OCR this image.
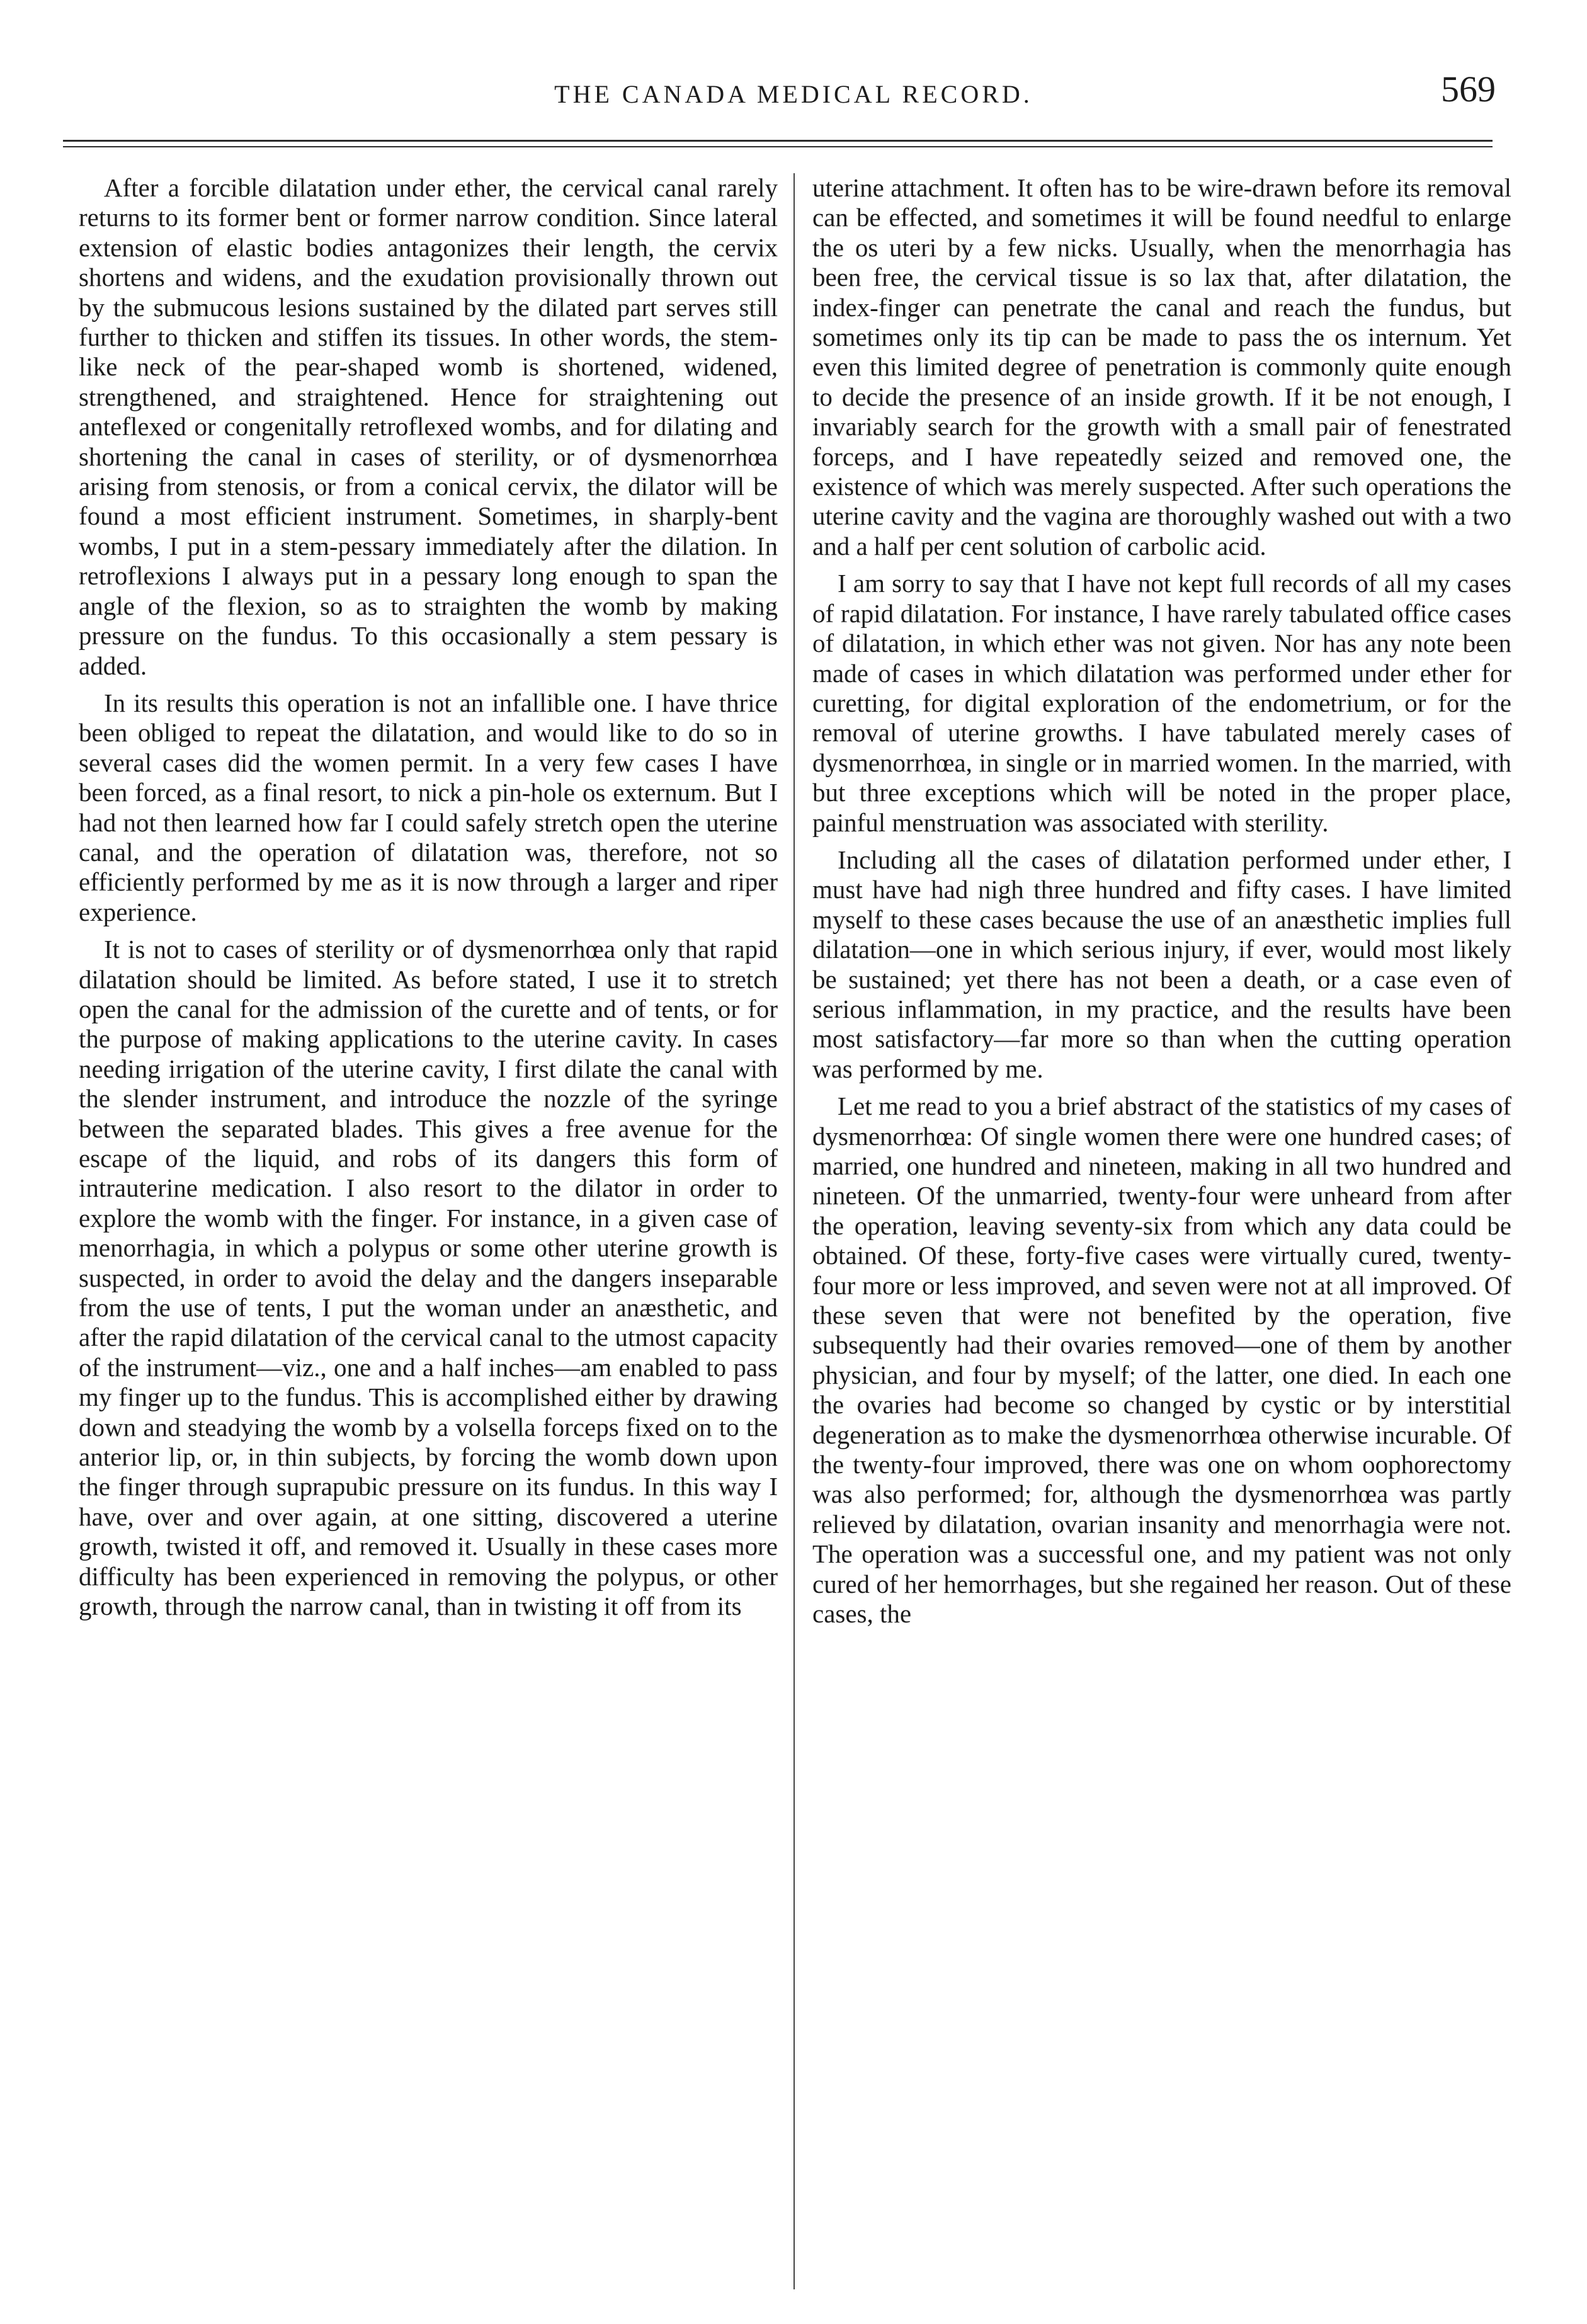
THE CANADA MEDICAL RECORD.	569

After a forcible dilatation under ether, the cervical canal rarely returns to its former bent or former narrow condition. Since lateral extension of elastic bodies antagonizes their length, the cervix shortens and widens, and the exudation provisionally thrown out by the submucous lesions sustained by the dilated part serves still further to thicken and stiffen its tissues. In other words, the stem-like neck of the pear-shaped womb is shortened, widened, strengthened, and straightened. Hence for straightening out anteflexed or congenitally retroflexed wombs, and for dilating and shortening the canal in cases of sterility, or of dysmenorrhœa arising from stenosis, or from a conical cervix, the dilator will be found a most efficient instrument. Sometimes, in sharply-bent wombs, I put in a stem-pessary immediately after the dilation. In retroflexions I always put in a pessary long enough to span the angle of the flexion, so as to straighten the womb by making pressure on the fundus. To this occasionally a stem pessary is added.

In its results this operation is not an infallible one. I have thrice been obliged to repeat the dilatation, and would like to do so in several cases did the women permit. In a very few cases I have been forced, as a final resort, to nick a pin-hole os externum. But I had not then learned how far I could safely stretch open the uterine canal, and the operation of dilatation was, therefore, not so efficiently performed by me as it is now through a larger and riper experience.

It is not to cases of sterility or of dysmenorrhœa only that rapid dilatation should be limited. As before stated, I use it to stretch open the canal for the admission of the curette and of tents, or for the purpose of making applications to the uterine cavity. In cases needing irrigation of the uterine cavity, I first dilate the canal with the slender instrument, and introduce the nozzle of the syringe between the separated blades. This gives a free avenue for the escape of the liquid, and robs of its dangers this form of intrauterine medication. I also resort to the dilator in order to explore the womb with the finger. For instance, in a given case of menorrhagia, in which a polypus or some other uterine growth is suspected, in order to avoid the delay and the dangers inseparable from the use of tents, I put the woman under an anæsthetic, and after the rapid dilatation of the cervical canal to the utmost capacity of the instrument—viz., one and a half inches—am enabled to pass my finger up to the fundus. This is accomplished either by drawing down and steadying the womb by a volsella forceps fixed on to the anterior lip, or, in thin subjects, by forcing the womb down upon the finger through suprapubic pressure on its fundus. In this way I have, over and over again, at one sitting, discovered a uterine growth, twisted it off, and removed it. Usually in these cases more difficulty has been experienced in removing the polypus, or other growth, through the narrow canal, than in twisting it off from its

uterine attachment. It often has to be wire-drawn before its removal can be effected, and sometimes it will be found needful to enlarge the os uteri by a few nicks. Usually, when the menorrhagia has been free, the cervical tissue is so lax that, after dilatation, the index-finger can penetrate the canal and reach the fundus, but sometimes only its tip can be made to pass the os internum. Yet even this limited degree of penetration is commonly quite enough to decide the presence of an inside growth. If it be not enough, I invariably search for the growth with a small pair of fenestrated forceps, and I have repeatedly seized and removed one, the existence of which was merely suspected. After such operations the uterine cavity and the vagina are thoroughly washed out with a two and a half per cent solution of carbolic acid.

I am sorry to say that I have not kept full records of all my cases of rapid dilatation. For instance, I have rarely tabulated office cases of dilatation, in which ether was not given. Nor has any note been made of cases in which dilatation was performed under ether for curetting, for digital exploration of the endometrium, or for the removal of uterine growths. I have tabulated merely cases of dysmenorrhœa, in single or in married women. In the married, with but three exceptions which will be noted in the proper place, painful menstruation was associated with sterility.

Including all the cases of dilatation performed under ether, I must have had nigh three hundred and fifty cases. I have limited myself to these cases because the use of an anæsthetic implies full dilatation—one in which serious injury, if ever, would most likely be sustained; yet there has not been a death, or a case even of serious inflammation, in my practice, and the results have been most satisfactory—far more so than when the cutting operation was performed by me.

Let me read to you a brief abstract of the statistics of my cases of dysmenorrhœa: Of single women there were one hundred cases; of married, one hundred and nineteen, making in all two hundred and nineteen. Of the unmarried, twenty-four were unheard from after the operation, leaving seventy-six from which any data could be obtained. Of these, forty-five cases were virtually cured, twenty-four more or less improved, and seven were not at all improved. Of these seven that were not benefited by the operation, five subsequently had their ovaries removed—one of them by another physician, and four by myself; of the latter, one died. In each one the ovaries had become so changed by cystic or by interstitial degeneration as to make the dysmenorrhœa otherwise incurable. Of the twenty-four improved, there was one on whom oophorectomy was also performed; for, although the dysmenorrhœa was partly relieved by dilatation, ovarian insanity and menorrhagia were not. The operation was a successful one, and my patient was not only cured of her hemorrhages, but she regained her reason. Out of these cases, the
